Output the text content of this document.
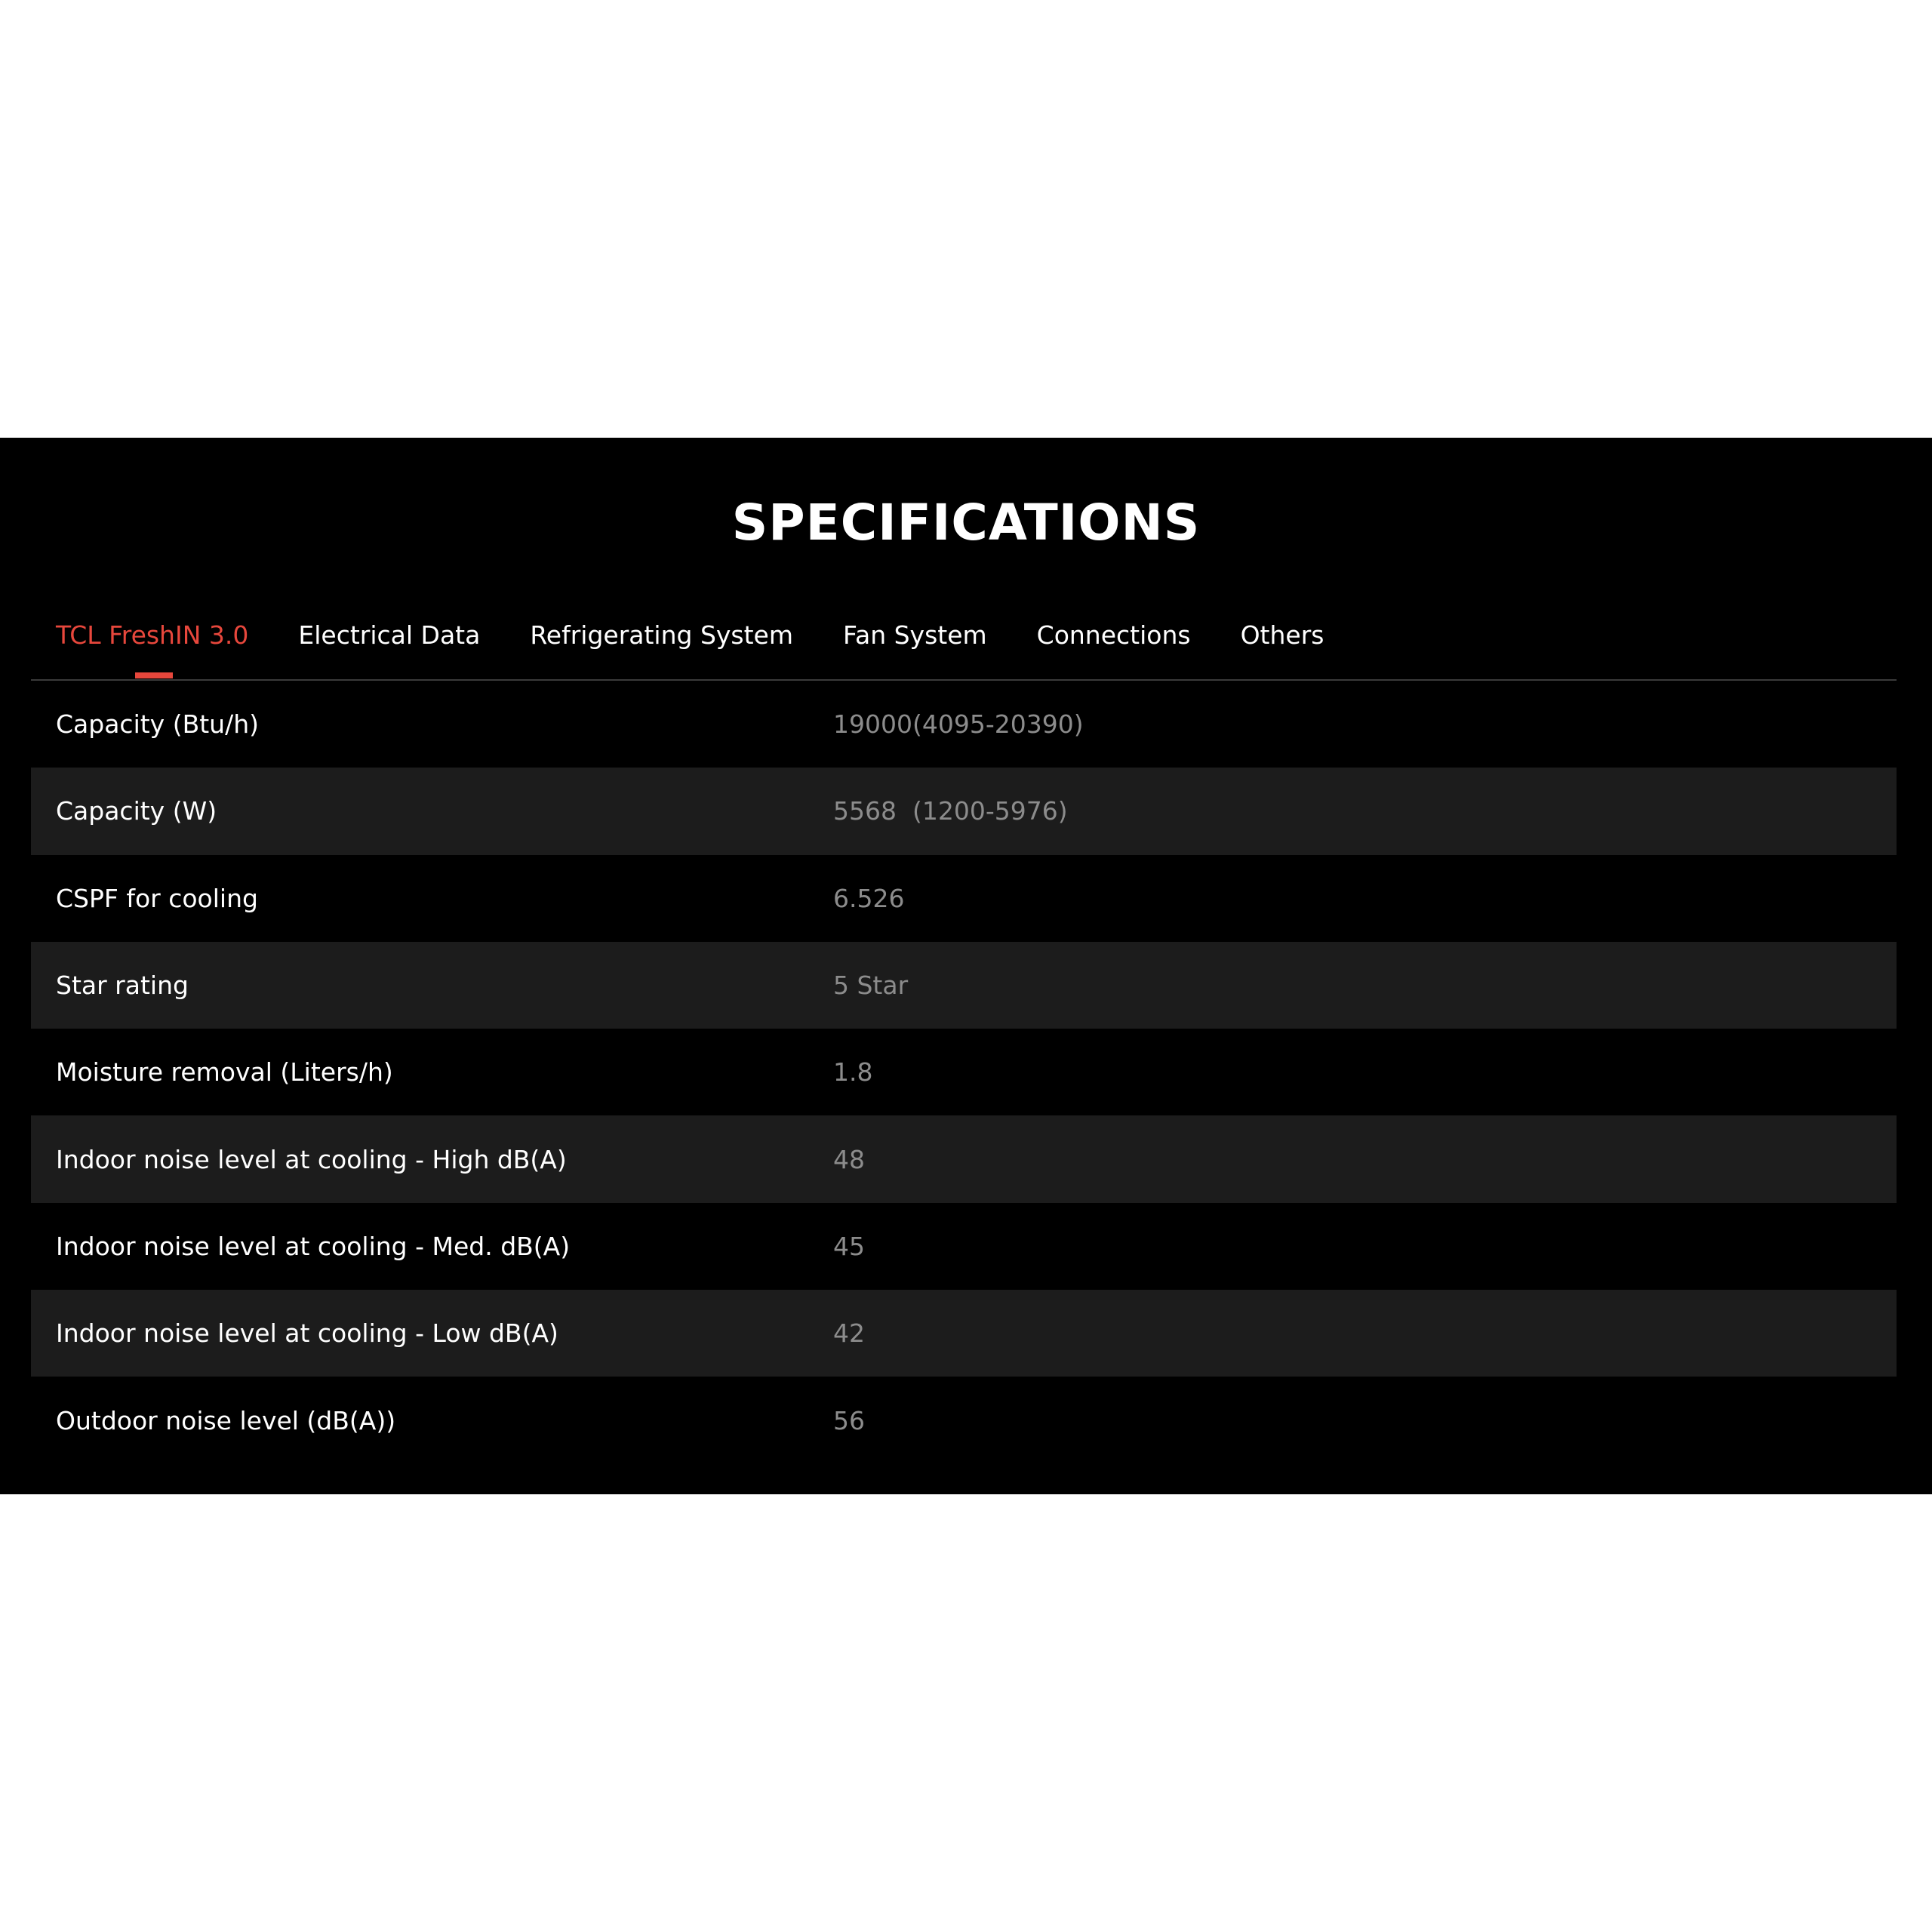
SPECIFICATIONS
TCL FreshIN 3.0 Electrical Data Refrigerating System Fan System Connections Others
Capacity (Btu/h)	19000(4095-20390)
Capacity (W)	5568  (1200-5976)
CSPF for cooling	6.526
Star rating	5 Star
Moisture removal (Liters/h)	1.8
Indoor noise level at cooling - High dB(A)	48
Indoor noise level at cooling - Med. dB(A)	45
Indoor noise level at cooling - Low dB(A)	42
Outdoor noise level (dB(A))	56
